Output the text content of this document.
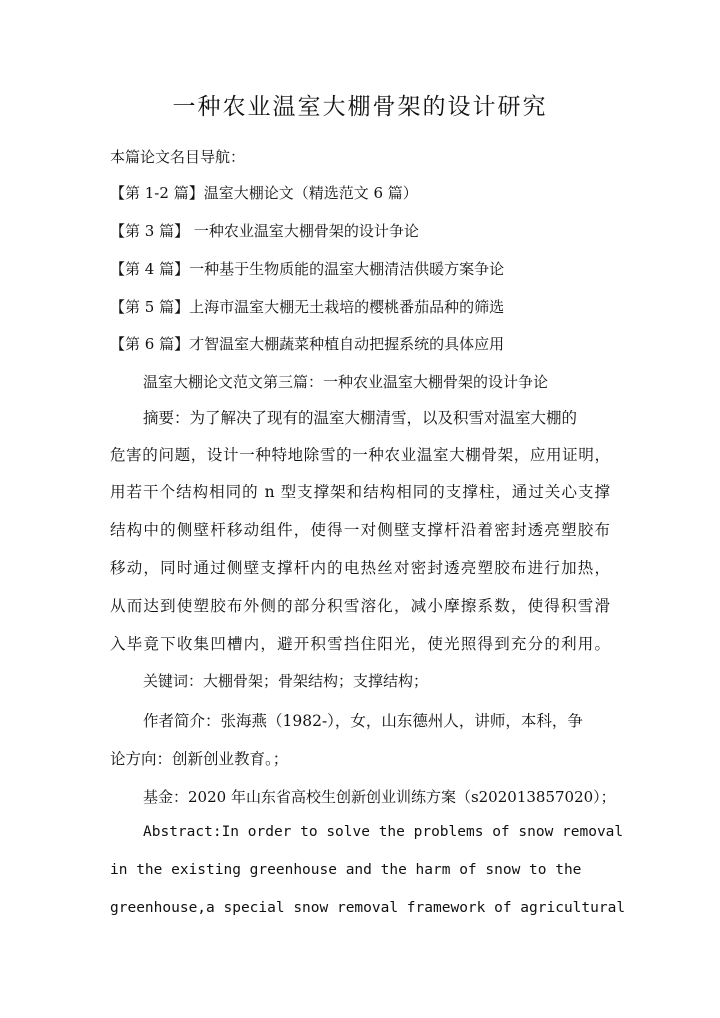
一种农业温室大棚骨架的设计研究
本篇论文名目导航：
【第 1-2 篇】温室大棚论文（精选范文 6 篇）
【第 3 篇】 一种农业温室大棚骨架的设计争论
【第 4 篇】一种基于生物质能的温室大棚清洁供暖方案争论
【第 5 篇】上海市温室大棚无土栽培的樱桃番茄品种的筛选
【第 6 篇】才智温室大棚蔬菜种植自动把握系统的具体应用
温室大棚论文范文第三篇：一种农业温室大棚骨架的设计争论
摘要：为了解决了现有的温室大棚清雪，以及积雪对温室大棚的
危害的问题，设计一种特地除雪的一种农业温室大棚骨架，应用证明，
用若干个结构相同的 n 型支撑架和结构相同的支撑柱，通过关心支撑
结构中的侧壁杆移动组件，使得一对侧壁支撑杆沿着密封透亮塑胶布
移动，同时通过侧壁支撑杆内的电热丝对密封透亮塑胶布进行加热，
从而达到使塑胶布外侧的部分积雪溶化，减小摩擦系数，使得积雪滑
入毕竟下收集凹槽内，避开积雪挡住阳光，使光照得到充分的利用。
关键词：大棚骨架；骨架结构；支撑结构；
作者简介：张海燕（1982-），女，山东德州人，讲师，本科，争
论方向：创新创业教育。；
基金：2020 年山东省高校生创新创业训练方案（s202013857020）；
Abstract:In order to solve the problems of snow removal
in the existing greenhouse and the harm of snow to the
greenhouse,a special snow removal framework of agricultural
